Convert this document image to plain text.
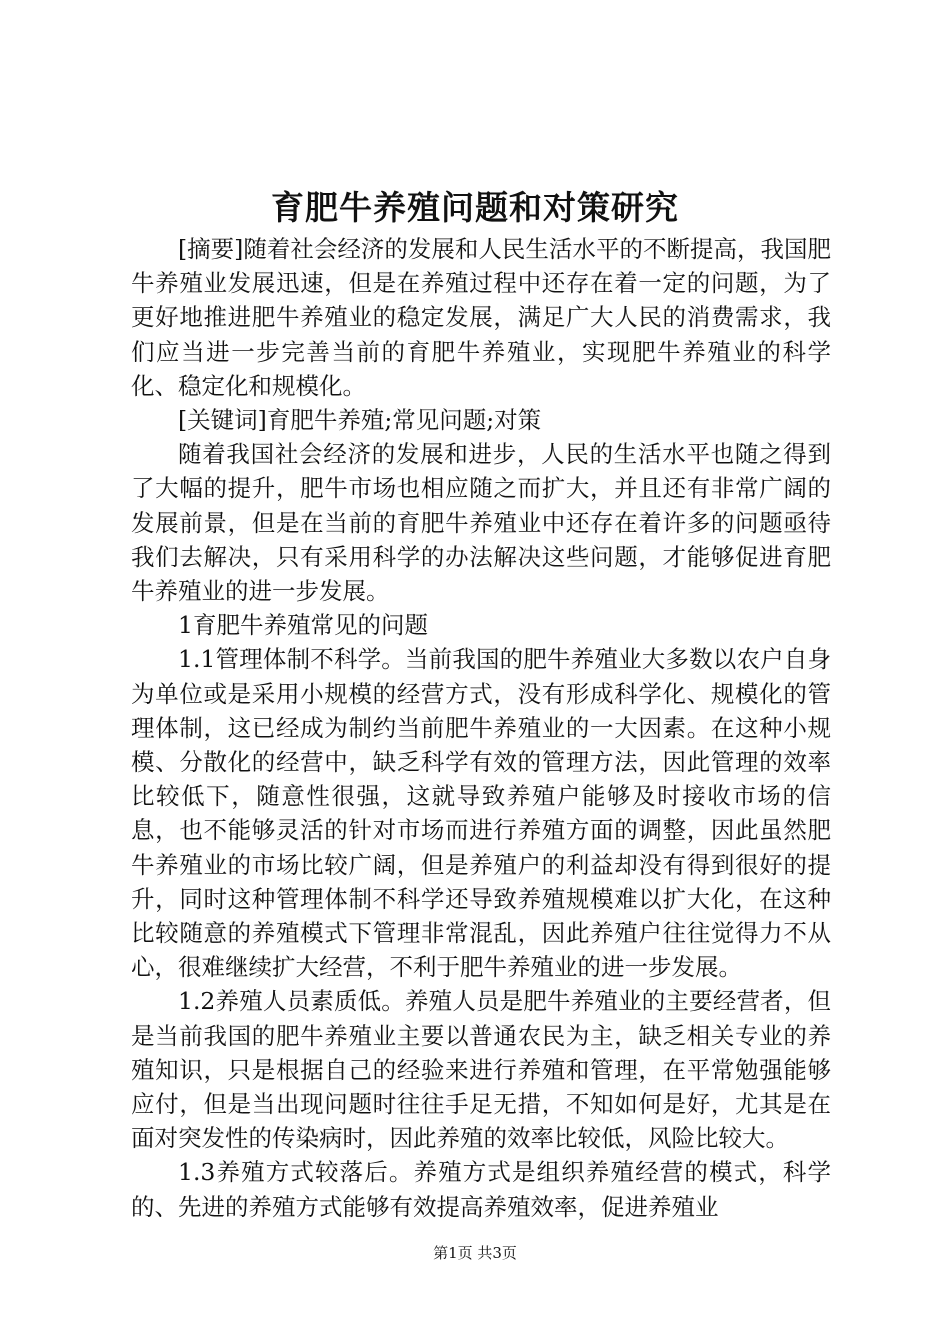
育肥牛养殖问题和对策研究

[摘要]随着社会经济的发展和人民生活水平的不断提高，我国肥牛养殖业发展迅速，但是在养殖过程中还存在着一定的问题，为了更好地推进肥牛养殖业的稳定发展，满足广大人民的消费需求，我们应当进一步完善当前的育肥牛养殖业，实现肥牛养殖业的科学化、稳定化和规模化。

[关键词]育肥牛养殖;常见问题;对策

随着我国社会经济的发展和进步，人民的生活水平也随之得到了大幅的提升，肥牛市场也相应随之而扩大，并且还有非常广阔的发展前景，但是在当前的育肥牛养殖业中还存在着许多的问题亟待我们去解决，只有采用科学的办法解决这些问题，才能够促进育肥牛养殖业的进一步发展。

1育肥牛养殖常见的问题

1.1管理体制不科学。当前我国的肥牛养殖业大多数以农户自身为单位或是采用小规模的经营方式，没有形成科学化、规模化的管理体制，这已经成为制约当前肥牛养殖业的一大因素。在这种小规模、分散化的经营中，缺乏科学有效的管理方法，因此管理的效率比较低下，随意性很强，这就导致养殖户能够及时接收市场的信息，也不能够灵活的针对市场而进行养殖方面的调整，因此虽然肥牛养殖业的市场比较广阔，但是养殖户的利益却没有得到很好的提升，同时这种管理体制不科学还导致养殖规模难以扩大化，在这种比较随意的养殖模式下管理非常混乱，因此养殖户往往觉得力不从心，很难继续扩大经营，不利于肥牛养殖业的进一步发展。

1.2养殖人员素质低。养殖人员是肥牛养殖业的主要经营者，但是当前我国的肥牛养殖业主要以普通农民为主，缺乏相关专业的养殖知识，只是根据自己的经验来进行养殖和管理，在平常勉强能够应付，但是当出现问题时往往手足无措，不知如何是好，尤其是在面对突发性的传染病时，因此养殖的效率比较低，风险比较大。

1.3养殖方式较落后。养殖方式是组织养殖经营的模式，科学的、先进的养殖方式能够有效提高养殖效率，促进养殖业

第1页 共3页
